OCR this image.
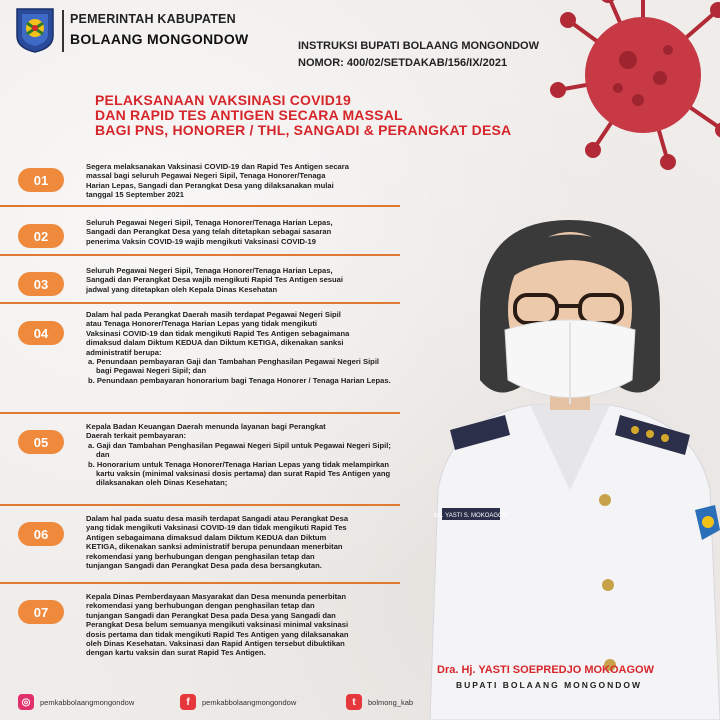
PEMERINTAH KABUPATEN
BOLAANG MONGONDOW	INSTRUKSI BUPATI BOLAANG MONGONDOW
NOMOR: 400/02/SETDAKAB/156/IX/2021
PELAKSANAAN VAKSINASI COVID19
DAN RAPID TES ANTIGEN SECARA MASSAL
BAGI PNS, HONORER / THL, SANGADI & PERANGKAT DESA
01
Segera melaksanakan Vaksinasi COVID-19 dan Rapid Tes Antigen secara
massal bagi seluruh Pegawai Negeri Sipil, Tenaga Honorer/Tenaga
Harian Lepas, Sangadi dan Perangkat Desa yang dilaksanakan mulai
tanggal 15 September 2021
02
Seluruh Pegawai Negeri Sipil, Tenaga Honorer/Tenaga Harian Lepas,
Sangadi dan Perangkat Desa yang telah ditetapkan sebagai sasaran
penerima Vaksin COVID-19 wajib mengikuti Vaksinasi COVID-19
03
Seluruh Pegawai Negeri Sipil, Tenaga Honorer/Tenaga Harian Lepas,
Sangadi dan Perangkat Desa wajib mengikuti Rapid Tes Antigen sesuai
jadwal yang ditetapkan oleh Kepala Dinas Kesehatan
04
Dalam hal pada Perangkat Daerah masih terdapat Pegawai Negeri Sipil
atau Tenaga Honorer/Tenaga Harian Lepas yang tidak mengikuti
Vaksinasi COVID-19 dan tidak mengikuti Rapid Tes Antigen sebagaimana
dimaksud dalam Diktum KEDUA dan Diktum KETIGA, dikenakan sanksi
administratif berupa:
a. Penundaan pembayaran Gaji dan Tambahan Penghasilan Pegawai Negeri Sipil bagi Pegawai Negeri Sipil; dan
b. Penundaan pembayaran honorarium bagi Tenaga Honorer / Tenaga Harian Lepas.
05
Kepala Badan Keuangan Daerah menunda layanan bagi Perangkat
Daerah terkait pembayaran:
a. Gaji dan Tambahan Penghasilan Pegawai Negeri Sipil untuk Pegawai Negeri Sipil; dan
b. Honorarium untuk Tenaga Honorer/Tenaga Harian Lepas yang tidak melampirkan kartu vaksin (minimal vaksinasi dosis pertama) dan surat Rapid Tes Antigen yang dilaksanakan oleh Dinas Kesehatan;
06
Dalam hal pada suatu desa masih terdapat Sangadi atau Perangkat Desa
yang tidak mengikuti Vaksinasi COVID-19 dan tidak mengikuti Rapid Tes
Antigen sebagaimana dimaksud dalam Diktum KEDUA dan Diktum
KETIGA, dikenakan sanksi administratif berupa penundaan menerbitan
rekomendasi yang berhubungan dengan penghasilan tetap dan
tunjangan Sangadi dan Perangkat Desa pada desa bersangkutan.
07
Kepala Dinas Pemberdayaan Masyarakat dan Desa menunda penerbitan
rekomendasi yang berhubungan dengan penghasilan tetap dan
tunjangan Sangadi dan Perangkat Desa pada Desa yang Sangadi dan
Perangkat Desa belum semuanya mengikuti vaksinasi minimal vaksinasi
dosis pertama dan tidak mengikuti Rapid Tes Antigen yang dilaksanakan
oleh Dinas Kesehatan. Vaksinasi dan Rapid Antigen tersebut dibuktikan
dengan kartu vaksin dan surat Rapid Tes Antigen.
Ibu. YASTI S. MOKOAGOW
Dra. Hj. YASTI SOEPREDJO MOKOAGOW
BUPATI BOLAANG MONGONDOW
◎	pemkabbolaangmongondow	f	pemkabbolaangmongondow	t	bolmong_kab
